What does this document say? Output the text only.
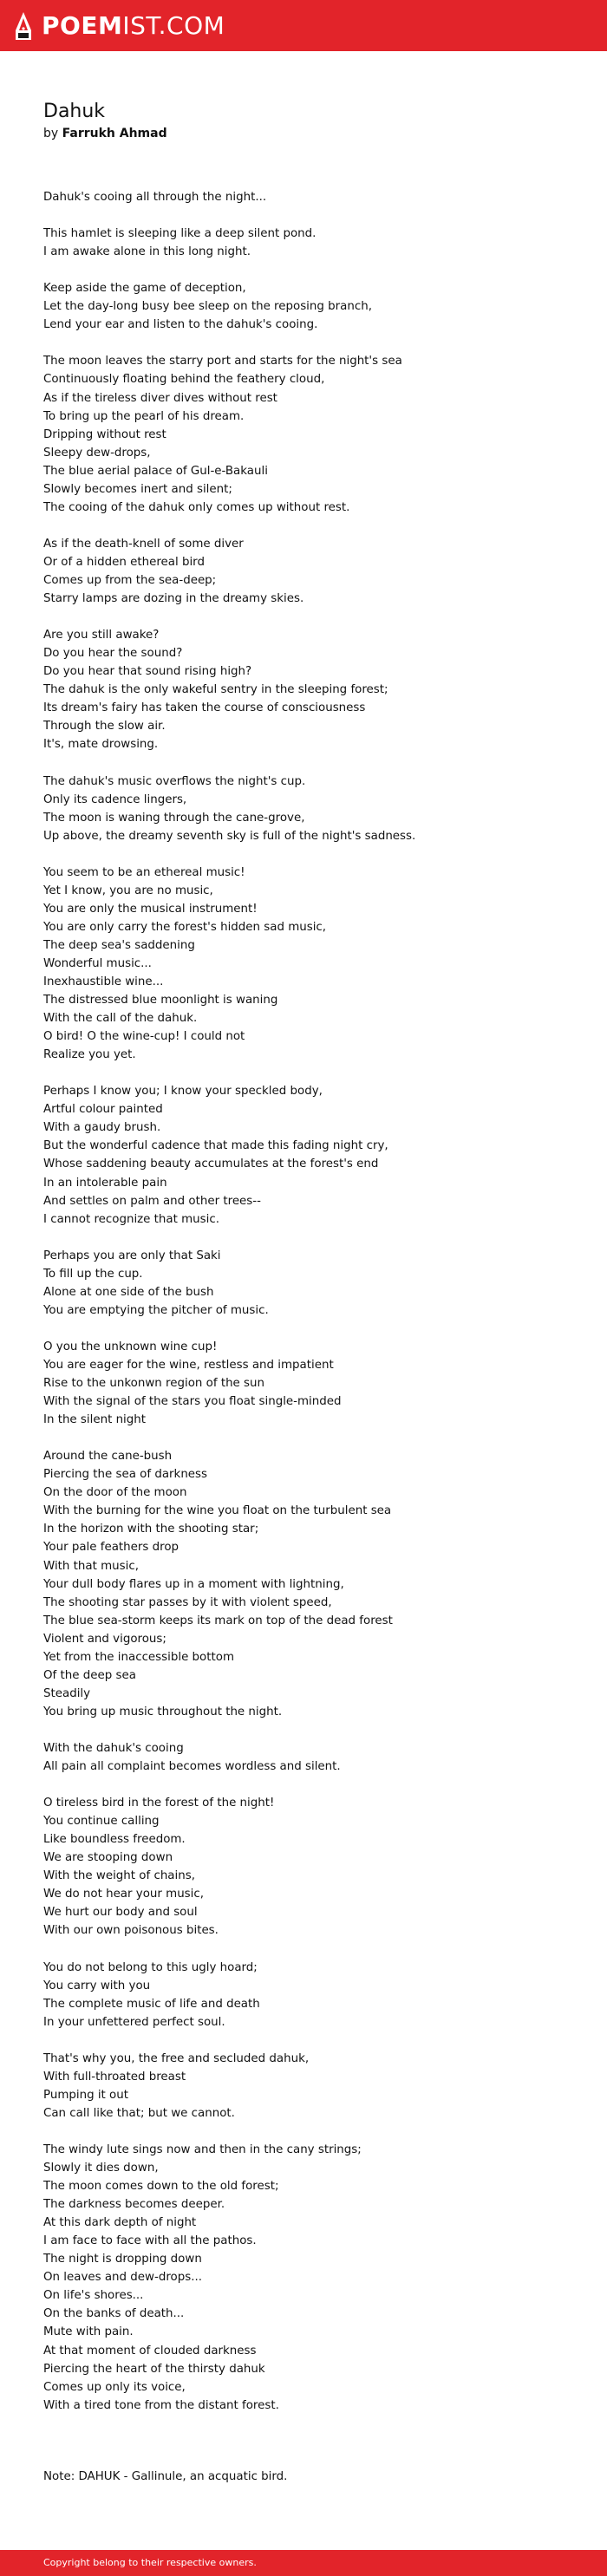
POEMIST.COM
Dahuk
by Farrukh Ahmad
Dahuk's cooing all through the night...
This hamlet is sleeping like a deep silent pond.
I am awake alone in this long night.
Keep aside the game of deception,
Let the day-long busy bee sleep on the reposing branch,
Lend your ear and listen to the dahuk's cooing.
The moon leaves the starry port and starts for the night's sea
Continuously floating behind the feathery cloud,
As if the tireless diver dives without rest
To bring up the pearl of his dream.
Dripping without rest
Sleepy dew-drops,
The blue aerial palace of Gul-e-Bakauli
Slowly becomes inert and silent;
The cooing of the dahuk only comes up without rest.
As if the death-knell of some diver
Or of a hidden ethereal bird
Comes up from the sea-deep;
Starry lamps are dozing in the dreamy skies.
Are you still awake?
Do you hear the sound?
Do you hear that sound rising high?
The dahuk is the only wakeful sentry in the sleeping forest;
Its dream's fairy has taken the course of consciousness
Through the slow air.
It's, mate drowsing.
The dahuk's music overflows the night's cup.
Only its cadence lingers,
The moon is waning through the cane-grove,
Up above, the dreamy seventh sky is full of the night's sadness.
You seem to be an ethereal music!
Yet I know, you are no music,
You are only the musical instrument!
You are only carry the forest's hidden sad music,
The deep sea's saddening
Wonderful music...
Inexhaustible wine...
The distressed blue moonlight is waning
With the call of the dahuk.
O bird! O the wine-cup! I could not
Realize you yet.
Perhaps I know you; I know your speckled body,
Artful colour painted
With a gaudy brush.
But the wonderful cadence that made this fading night cry,
Whose saddening beauty accumulates at the forest's end
In an intolerable pain
And settles on palm and other trees--
I cannot recognize that music.
Perhaps you are only that Saki
To fill up the cup.
Alone at one side of the bush
You are emptying the pitcher of music.
O you the unknown wine cup!
You are eager for the wine, restless and impatient
Rise to the unkonwn region of the sun
With the signal of the stars you float single-minded
In the silent night
Around the cane-bush
Piercing the sea of darkness
On the door of the moon
With the burning for the wine you float on the turbulent sea
In the horizon with the shooting star;
Your pale feathers drop
With that music,
Your dull body flares up in a moment with lightning,
The shooting star passes by it with violent speed,
The blue sea-storm keeps its mark on top of the dead forest
Violent and vigorous;
Yet from the inaccessible bottom
Of the deep sea
Steadily
You bring up music throughout the night.
With the dahuk's cooing
All pain all complaint becomes wordless and silent.
O tireless bird in the forest of the night!
You continue calling
Like boundless freedom.
We are stooping down
With the weight of chains,
We do not hear your music,
We hurt our body and soul
With our own poisonous bites.
You do not belong to this ugly hoard;
You carry with you
The complete music of life and death
In your unfettered perfect soul.
That's why you, the free and secluded dahuk,
With full-throated breast
Pumping it out
Can call like that; but we cannot.
The windy lute sings now and then in the cany strings;
Slowly it dies down,
The moon comes down to the old forest;
The darkness becomes deeper.
At this dark depth of night
I am face to face with all the pathos.
The night is dropping down
On leaves and dew-drops...
On life's shores...
On the banks of death...
Mute with pain.
At that moment of clouded darkness
Piercing the heart of the thirsty dahuk
Comes up only its voice,
With a tired tone from the distant forest.
Note: DAHUK - Gallinule, an acquatic bird.
Copyright belong to their respective owners.
